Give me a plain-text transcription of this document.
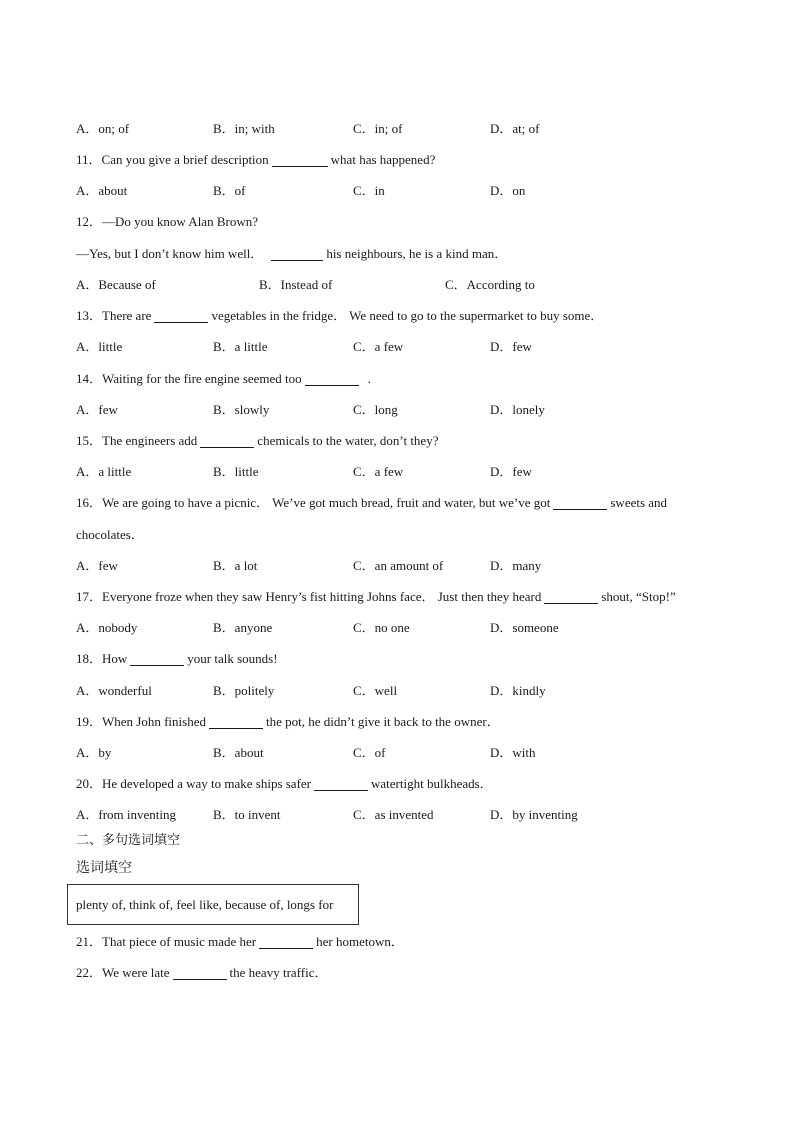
A．on; of	B．in; with	C．in; of	D．at; of
11．Can you give a brief description	what has happened?
A．about	B．of	C．in	D．on
12．—Do you know Alan Brown?
—Yes, but I don’t know him well．	his neighbours, he is a kind man．
A．Because of	B．Instead of	C．According to
13．There are	vegetables in the fridge． We need to go to the supermarket to buy some．
A．little	B．a little	C．a few	D．few
14．Waiting for the fire engine seemed too	.
A．few	B．slowly	C．long	D．lonely
15．The engineers add	chemicals to the water, don’t they?
A．a little	B．little	C．a few	D．few
16．We are going to have a picnic． We’ve got much bread, fruit and water, but we’ve got	sweets and
chocolates．
A．few	B．a lot	C．an amount of	D．many
17．Everyone froze when they saw Henry’s fist hitting Johns face． Just then they heard	shout, “Stop!”
A．nobody	B．anyone	C．no one	D．someone
18．How	your talk sounds!
A．wonderful	B．politely	C．well	D．kindly
19．When John finished	the pot, he didn’t give it back to the owner．
A．by	B．about	C．of	D．with
20．He developed a way to make ships safer	watertight bulkheads．
A．from inventing	B．to invent	C．as invented	D．by inventing
二、多句选词填空
选词填空
plenty of, think of, feel like, because of, longs for
21．That piece of music made her	her hometown．
22．We were late	the heavy traffic．
